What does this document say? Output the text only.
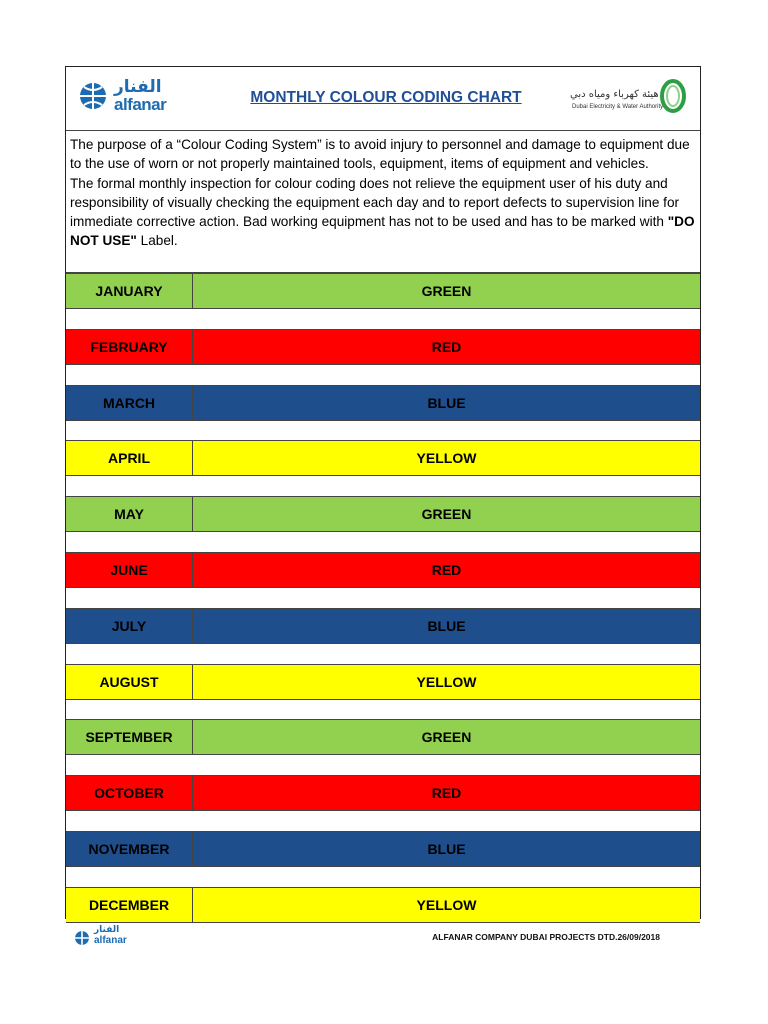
الفنار
alfanar	MONTHLY COLOUR CODING CHART	هيئة كهرباء ومياه دبي
Dubai Electricity & Water Authority

The purpose of a “Colour Coding System” is to avoid injury to personnel and damage to equipment due to the use of worn or not properly maintained tools, equipment, items of equipment and vehicles.

The formal monthly inspection for colour coding does not relieve the equipment user of his duty and responsibility of visually checking the equipment each day and to report defects to supervision line for immediate corrective action. Bad working equipment has not to be used and has to be marked with "DO NOT USE" Label.

JANUARY	GREEN
FEBRUARY	RED
MARCH	BLUE
APRIL	YELLOW
MAY	GREEN
JUNE	RED
JULY	BLUE
AUGUST	YELLOW
SEPTEMBER	GREEN
OCTOBER	RED
NOVEMBER	BLUE
DECEMBER	YELLOW
الفنار
alfanar	ALFANAR COMPANY DUBAI PROJECTS DTD.26/09/2018
